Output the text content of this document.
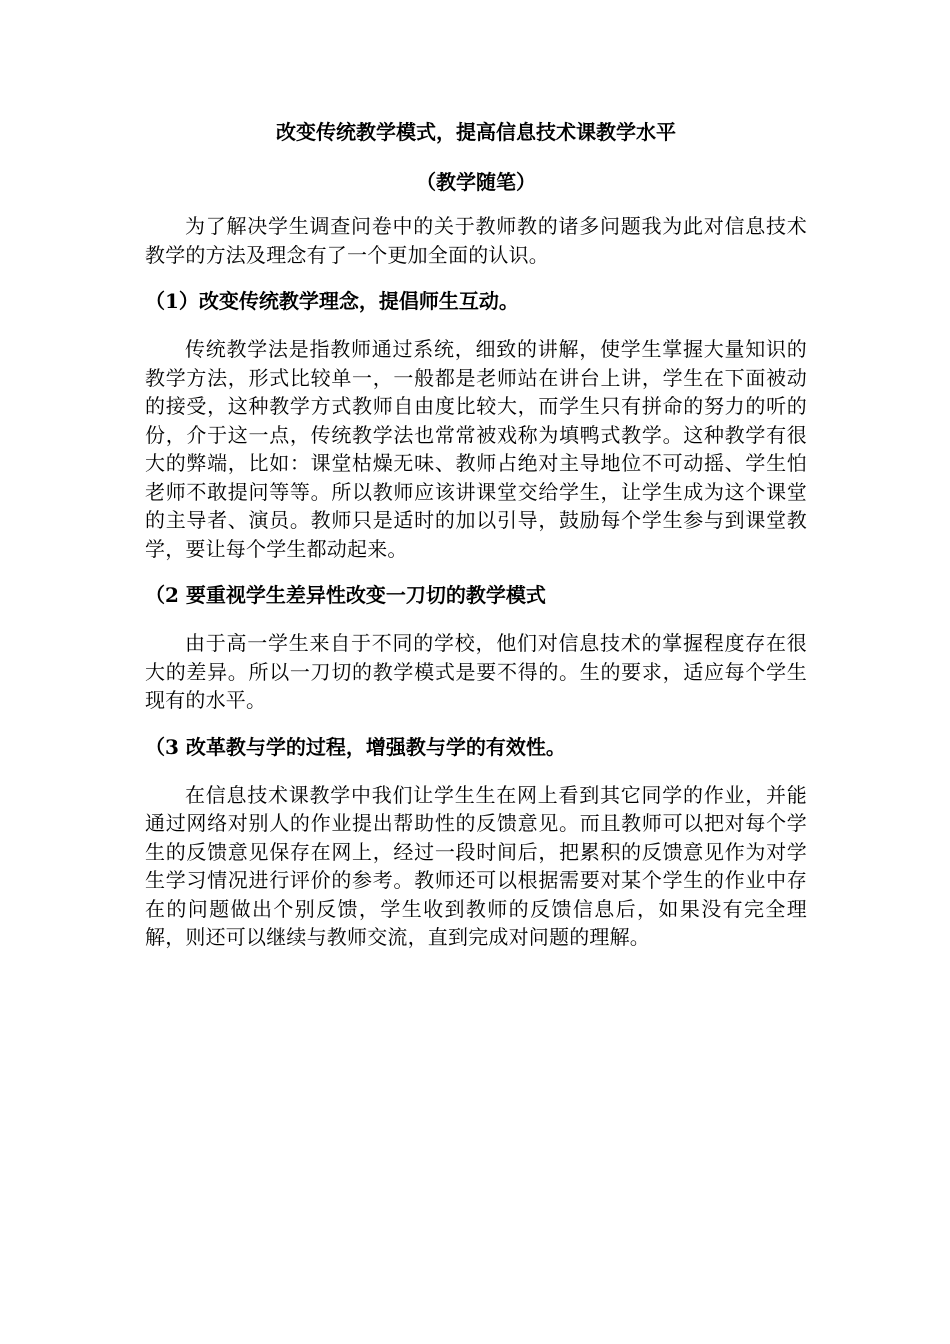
改变传统教学模式，提高信息技术课教学水平
（教学随笔）

为了解决学生调查问卷中的关于教师教的诸多问题我为此对信息技术教学的方法及理念有了一个更加全面的认识。

（1）改变传统教学理念，提倡师生互动。

传统教学法是指教师通过系统，细致的讲解，使学生掌握大量知识的教学方法，形式比较单一，一般都是老师站在讲台上讲，学生在下面被动的接受，这种教学方式教师自由度比较大，而学生只有拼命的努力的听的份，介于这一点，传统教学法也常常被戏称为填鸭式教学。这种教学有很大的弊端，比如：课堂枯燥无味、教师占绝对主导地位不可动摇、学生怕老师不敢提问等等。所以教师应该讲课堂交给学生，让学生成为这个课堂的主导者、演员。教师只是适时的加以引导，鼓励每个学生参与到课堂教学，要让每个学生都动起来。

（2 要重视学生差异性改变一刀切的教学模式

由于高一学生来自于不同的学校，他们对信息技术的掌握程度存在很大的差异。所以一刀切的教学模式是要不得的。生的要求，适应每个学生现有的水平。

（3 改革教与学的过程，增强教与学的有效性。

在信息技术课教学中我们让学生生在网上看到其它同学的作业，并能通过网络对别人的作业提出帮助性的反馈意见。而且教师可以把对每个学生的反馈意见保存在网上，经过一段时间后，把累积的反馈意见作为对学生学习情况进行评价的参考。教师还可以根据需要对某个学生的作业中存在的问题做出个别反馈，学生收到教师的反馈信息后，如果没有完全理解，则还可以继续与教师交流，直到完成对问题的理解。
